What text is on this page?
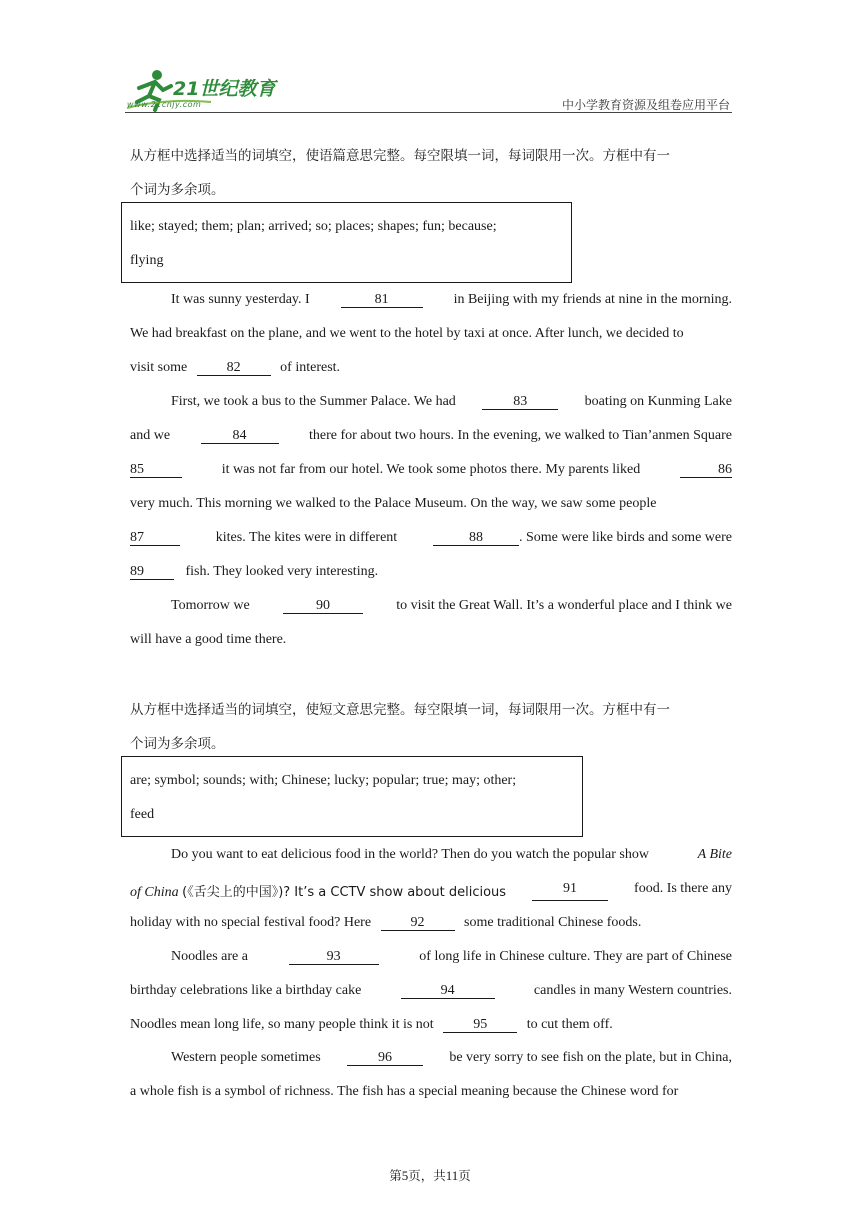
21世纪教育
www.21cnjy.com	中小学教育资源及组卷应用平台
从方框中选择适当的词填空，使语篇意思完整。每空限填一词，每词限用一次。方框中有一
个词为多余项。
like; stayed; them; plan; arrived; so; places; shapes; fun; because;
flying
It was sunny yesterday. I	81	in Beijing with my friends at nine in the morning.
We had breakfast on the plane, and we went to the hotel by taxi at once. After lunch, we decided to
visit some	82	of interest.
First, we took a bus to the Summer Palace. We had	83	boating on Kunming Lake
and we	84	there for about two hours. In the evening, we walked to Tian’anmen Square
85	it was not far from our hotel. We took some photos there. My parents liked	86
very much. This morning we walked to the Palace Museum. On the way, we saw some people
87	kites. The kites were in different	88	. Some were like birds and some were
89	fish. They looked very interesting.
Tomorrow we	90	to visit the Great Wall. It’s a wonderful place and I think we
will have a good time there.
从方框中选择适当的词填空，使短文意思完整。每空限填一词，每词限用一次。方框中有一
个词为多余项。
are; symbol; sounds; with; Chinese; lucky; popular; true; may; other;
feed
Do you want to eat delicious food in the world? Then do you watch the popular show	A Bite
of China (《舌尖上的中国》)? It’s a CCTV show about delicious	91	food. Is there any
holiday with no special festival food? Here	92	some traditional Chinese foods.
Noodles are a	93	of long life in Chinese culture. They are part of Chinese
birthday celebrations like a birthday cake	94	candles in many Western countries.
Noodles mean long life, so many people think it is not	95	to cut them off.
Western people sometimes	96	be very sorry to see fish on the plate, but in China,
a whole fish is a symbol of richness. The fish has a special meaning because the Chinese word for
第5页，共11页
